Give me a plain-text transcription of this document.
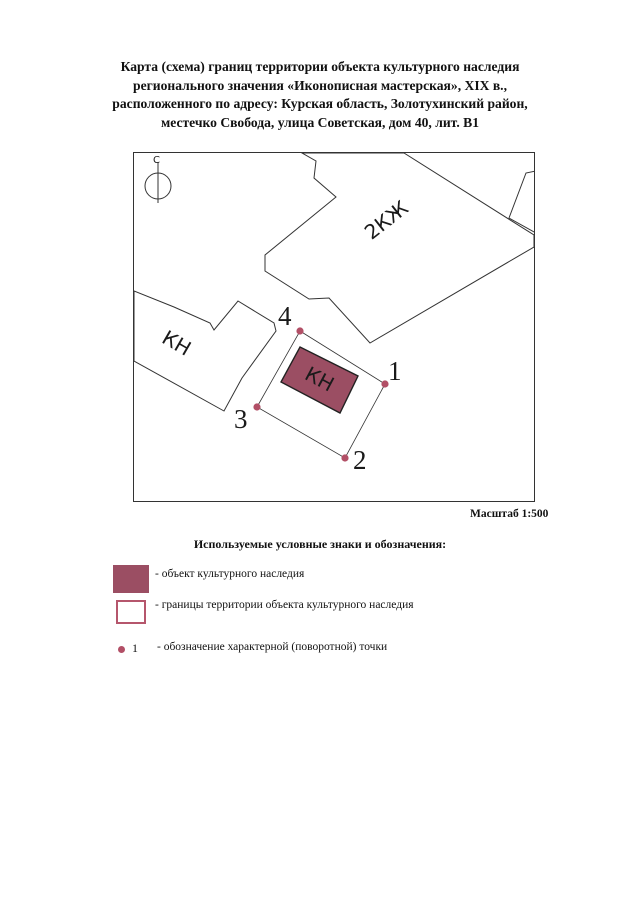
Карта (схема) границ территории объекта культурного наследия
регионального значения «Иконописная мастерская», XIX в.,
расположенного по адресу: Курская область, Золотухинский район,
местечко Свобода, улица Советская, дом 40, лит. В1
С
2КЖ
КН
КН 1
2
3
4
Масштаб 1:500
Используемые условные знаки и обозначения:
- объект культурного наследия
- границы территории объекта культурного наследия
1 - обозначение характерной (поворотной) точки
